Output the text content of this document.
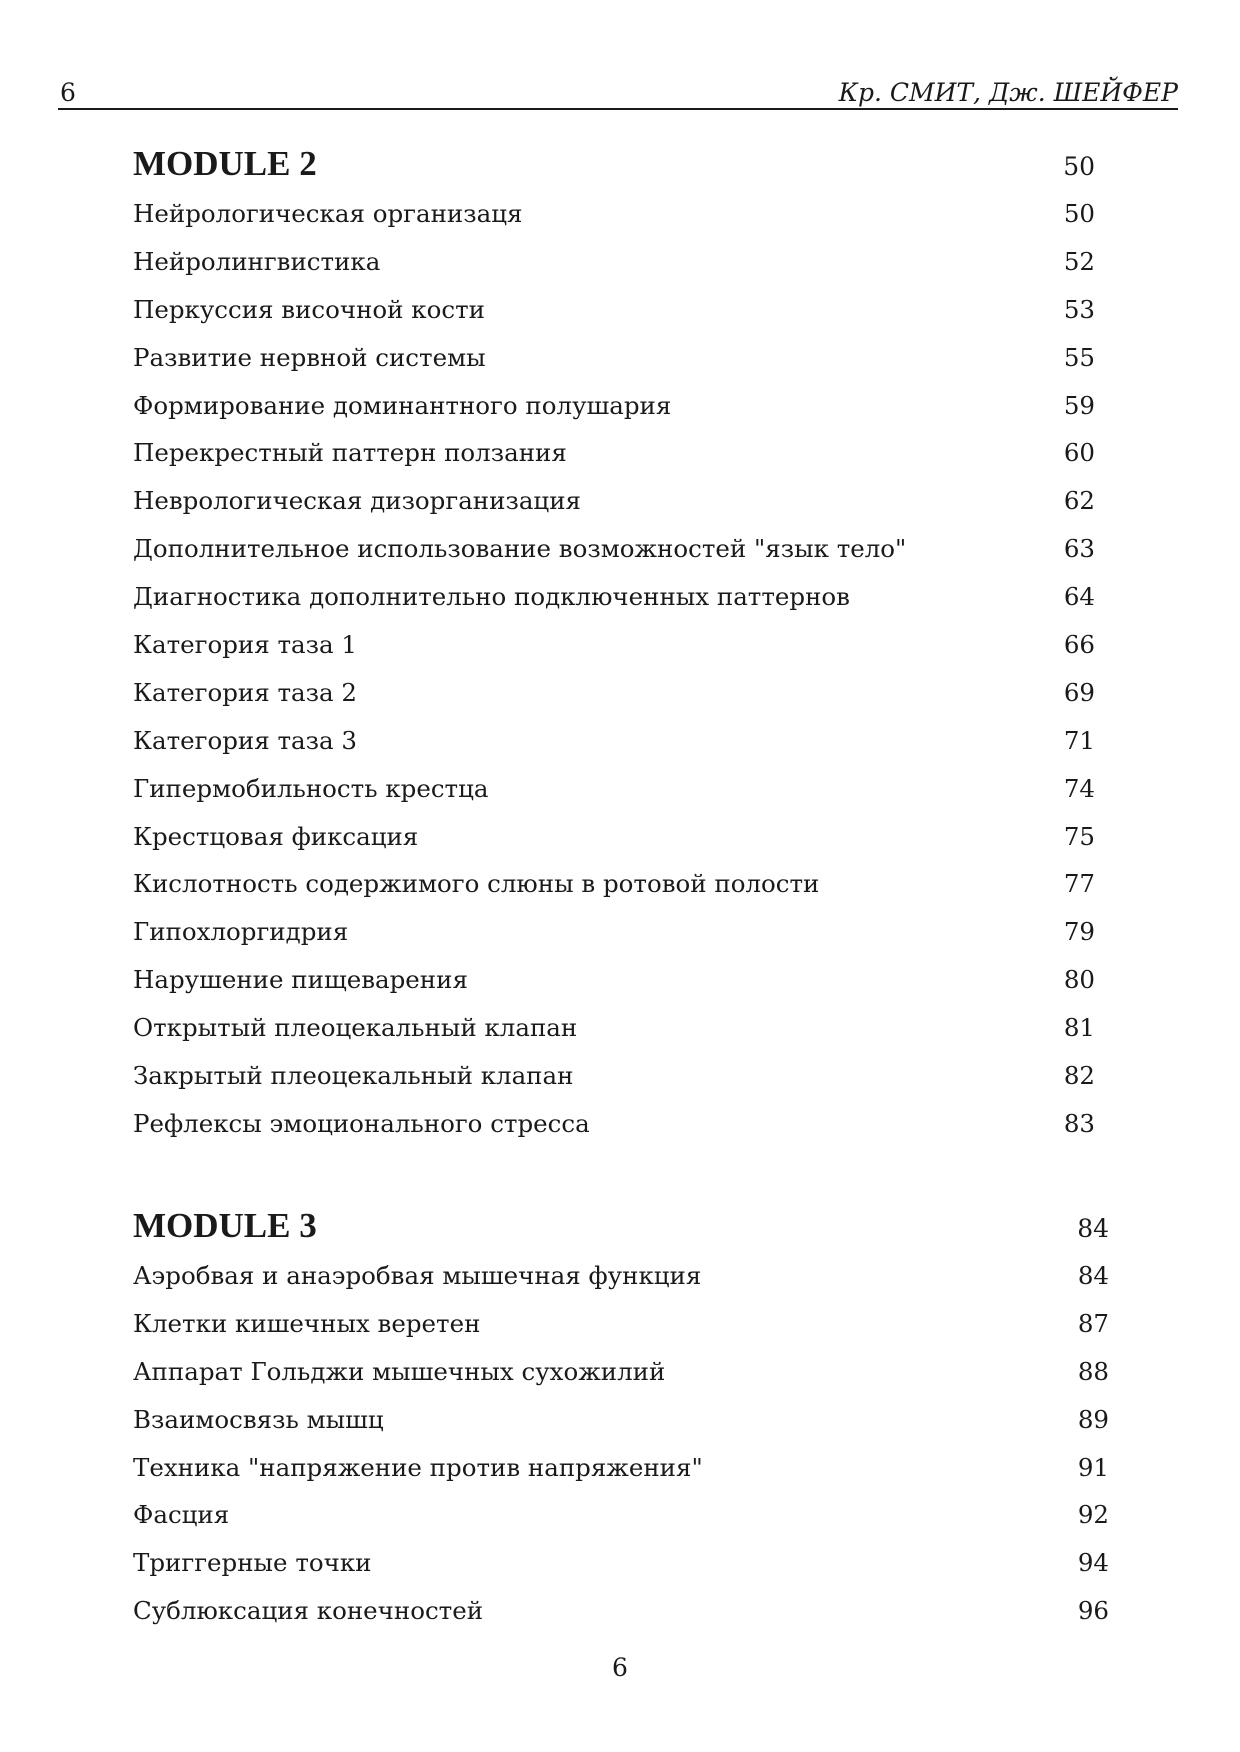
6	Кр. СМИТ, Дж. ШЕЙФЕР
MODULE 2	50
Нейрологическая организаця	50
Нейролингвистика	52
Перкуссия височной кости	53
Развитие нервной системы	55
Формирование доминантного полушария	59
Перекрестный паттерн ползания	60
Неврологическая дизорганизация	62
Дополнительное использование возможностей "язык тело"	63
Диагностика дополнительно подключенных паттернов	64
Категория таза 1	66
Категория таза 2	69
Категория таза 3	71
Гипермобильность крестца	74
Крестцовая фиксация	75
Кислотность содержимого слюны в ротовой полости	77
Гипохлоргидрия	79
Нарушение пищеварения	80
Открытый плеоцекальный клапан	81
Закрытый плеоцекальный клапан	82
Рефлексы эмоционального стресса	83
MODULE 3	84
Аэробвая и анаэробвая мышечная функция	84
Клетки кишечных веретен	87
Аппарат Гольджи мышечных сухожилий	88
Взаимосвязь мышц	89
Техника "напряжение против напряжения"	91
Фасция	92
Триггерные точки	94
Сублюксация конечностей	96
6
